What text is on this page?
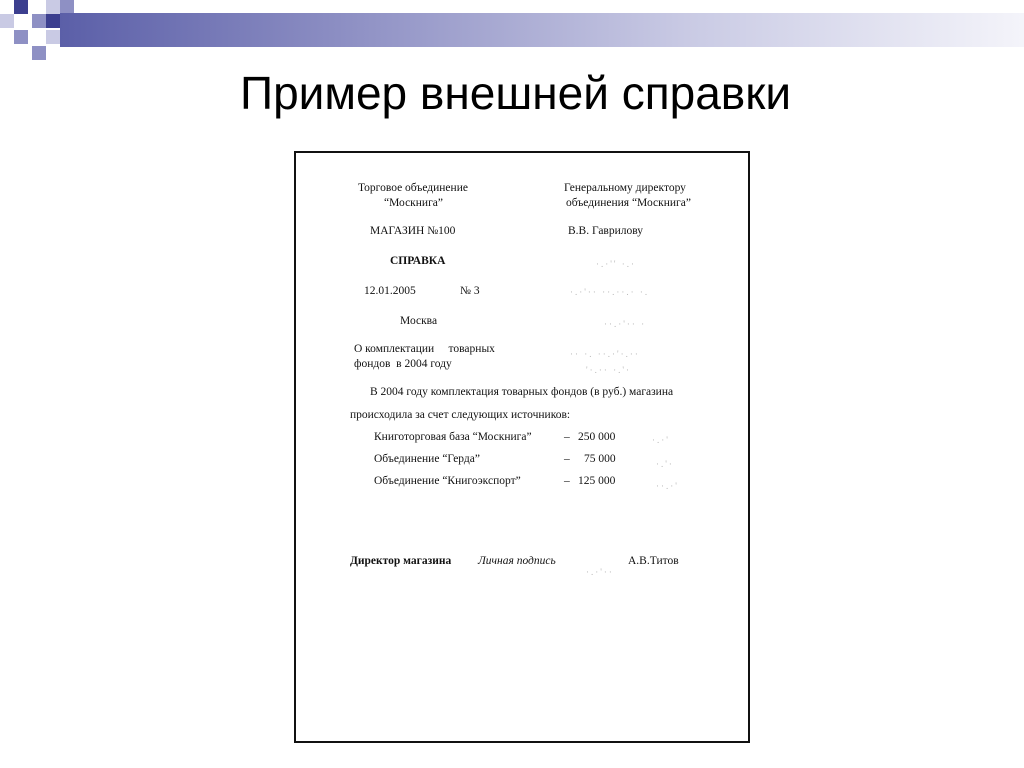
Пример внешней справки
Торговое объединение
“Москнига”
МАГАЗИН №100
Генеральному директору
объединения “Москнига”
В.В. Гаврилову
·.·'' ·.·
·.·'·· ··.··.· ·.
··.·'·· ·
·· ·. ··.·'·.··
'·.·· ·.'·
·.·'
·.'·
··.·'
·.·'··
СПРАВКА
12.01.2005	№ 3
Москва
О комплектации     товарных
фондов  в 2004 году
В 2004 году комплектация товарных фондов (в руб.) магазина
происходила за счет следующих источников:
Книготорговая база “Москнига”	– 250 000
Объединение “Герда”	– 75 000
Объединение “Книгоэкспорт”	– 125 000
Директор магазина Личная подпись	А.В.Титов
